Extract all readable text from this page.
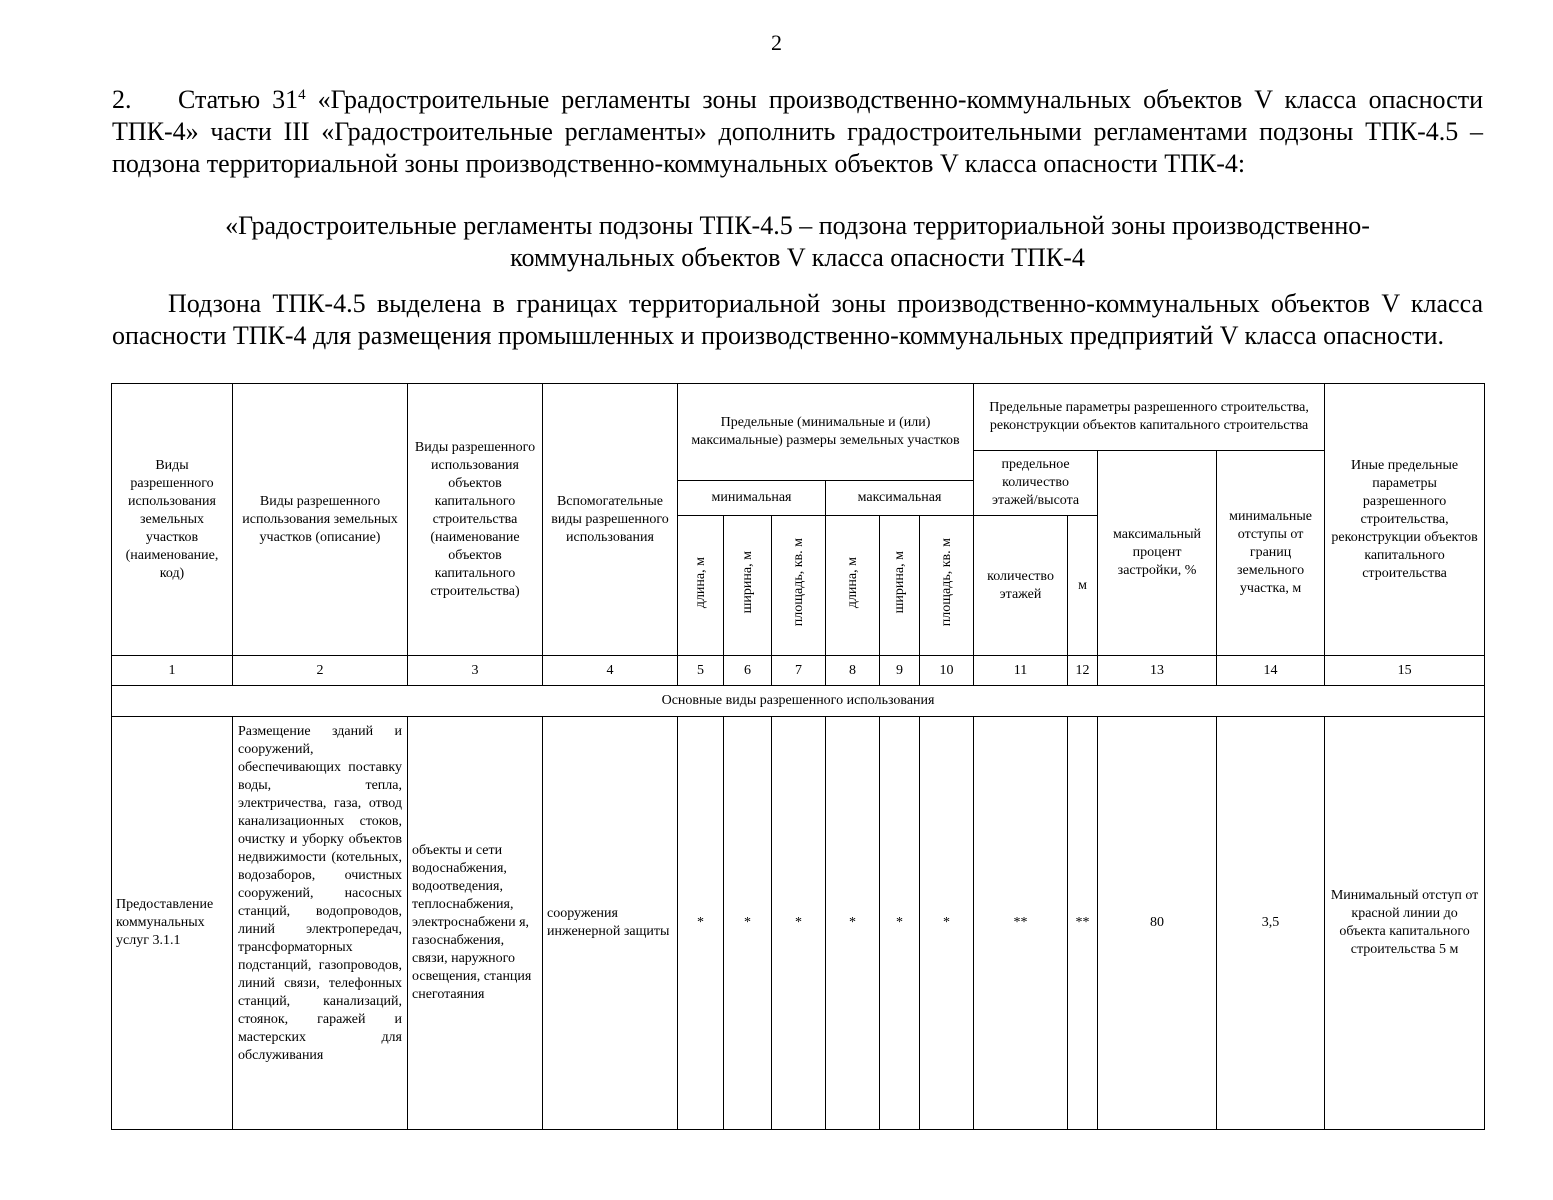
2
2. Статью $31^4$ «Градостроительные регламенты зоны производственно-коммунальных объектов V класса опасности ТПК-4» части III «Градостроительные регламенты» дополнить градостроительными регламентами подзоны ТПК-4.5 – подзона территориальной зоны производственно-коммунальных объектов V класса опасности ТПК-4:
«Градостроительные регламенты подзоны ТПК-4.5 – подзона территориальной зоны производственно-
коммунальных объектов V класса опасности ТПК-4
Подзона ТПК-4.5 выделена в границах территориальной зоны производственно-коммунальных объектов V класса опасности ТПК-4 для размещения промышленных и производственно-коммунальных предприятий V класса опасности.
Виды разрешенного использования земельных участков (наименование, код)	Виды разрешенного использования земельных участков (описание)	Виды разрешенного использования объектов капитального строительства (наименование объектов капитального строительства)	Вспомогательные виды разрешенного использования	Предельные (минимальные и (или) максимальные) размеры земельных участков						Предельные параметры разрешенного строительства, реконструкции объектов капитального строительства				Иные предельные параметры разрешенного строительства, реконструкции объектов капитального строительства
										предельное количество этажей/высота		максимальный процент застройки, %	минимальные отступы от границ земельного участка, м	
				минимальная			максимальная							
				длина, м	ширина, м	площадь, кв. м	длина, м	ширина, м	площадь, кв. м	количество этажей	м			
1	2	3	4	5	6	7	8	9	10	11	12	13	14	15
Основные виды разрешенного использования														
Предоставление коммунальных услуг 3.1.1	Размещение зданий и сооружений, обеспечивающих поставку воды, тепла, электричества, газа, отвод канализационных стоков, очистку и уборку объектов недвижимости (котельных, водозаборов, очистных сооружений, насосных станций, водопроводов, линий электропередач, трансформаторных подстанций, газопроводов, линий связи, телефонных станций, канализаций, стоянок, гаражей и мастерских для обслуживания	объекты и сети водоснабжения, водоотведения, теплоснабжения, электроснабжени я, газоснабжения, связи, наружного освещения, станция снеготаяния	сооружения инженерной защиты	*	*	*	*	*	*	**	**	80	3,5	Минимальный отступ от красной линии до объекта капитального строительства 5 м
